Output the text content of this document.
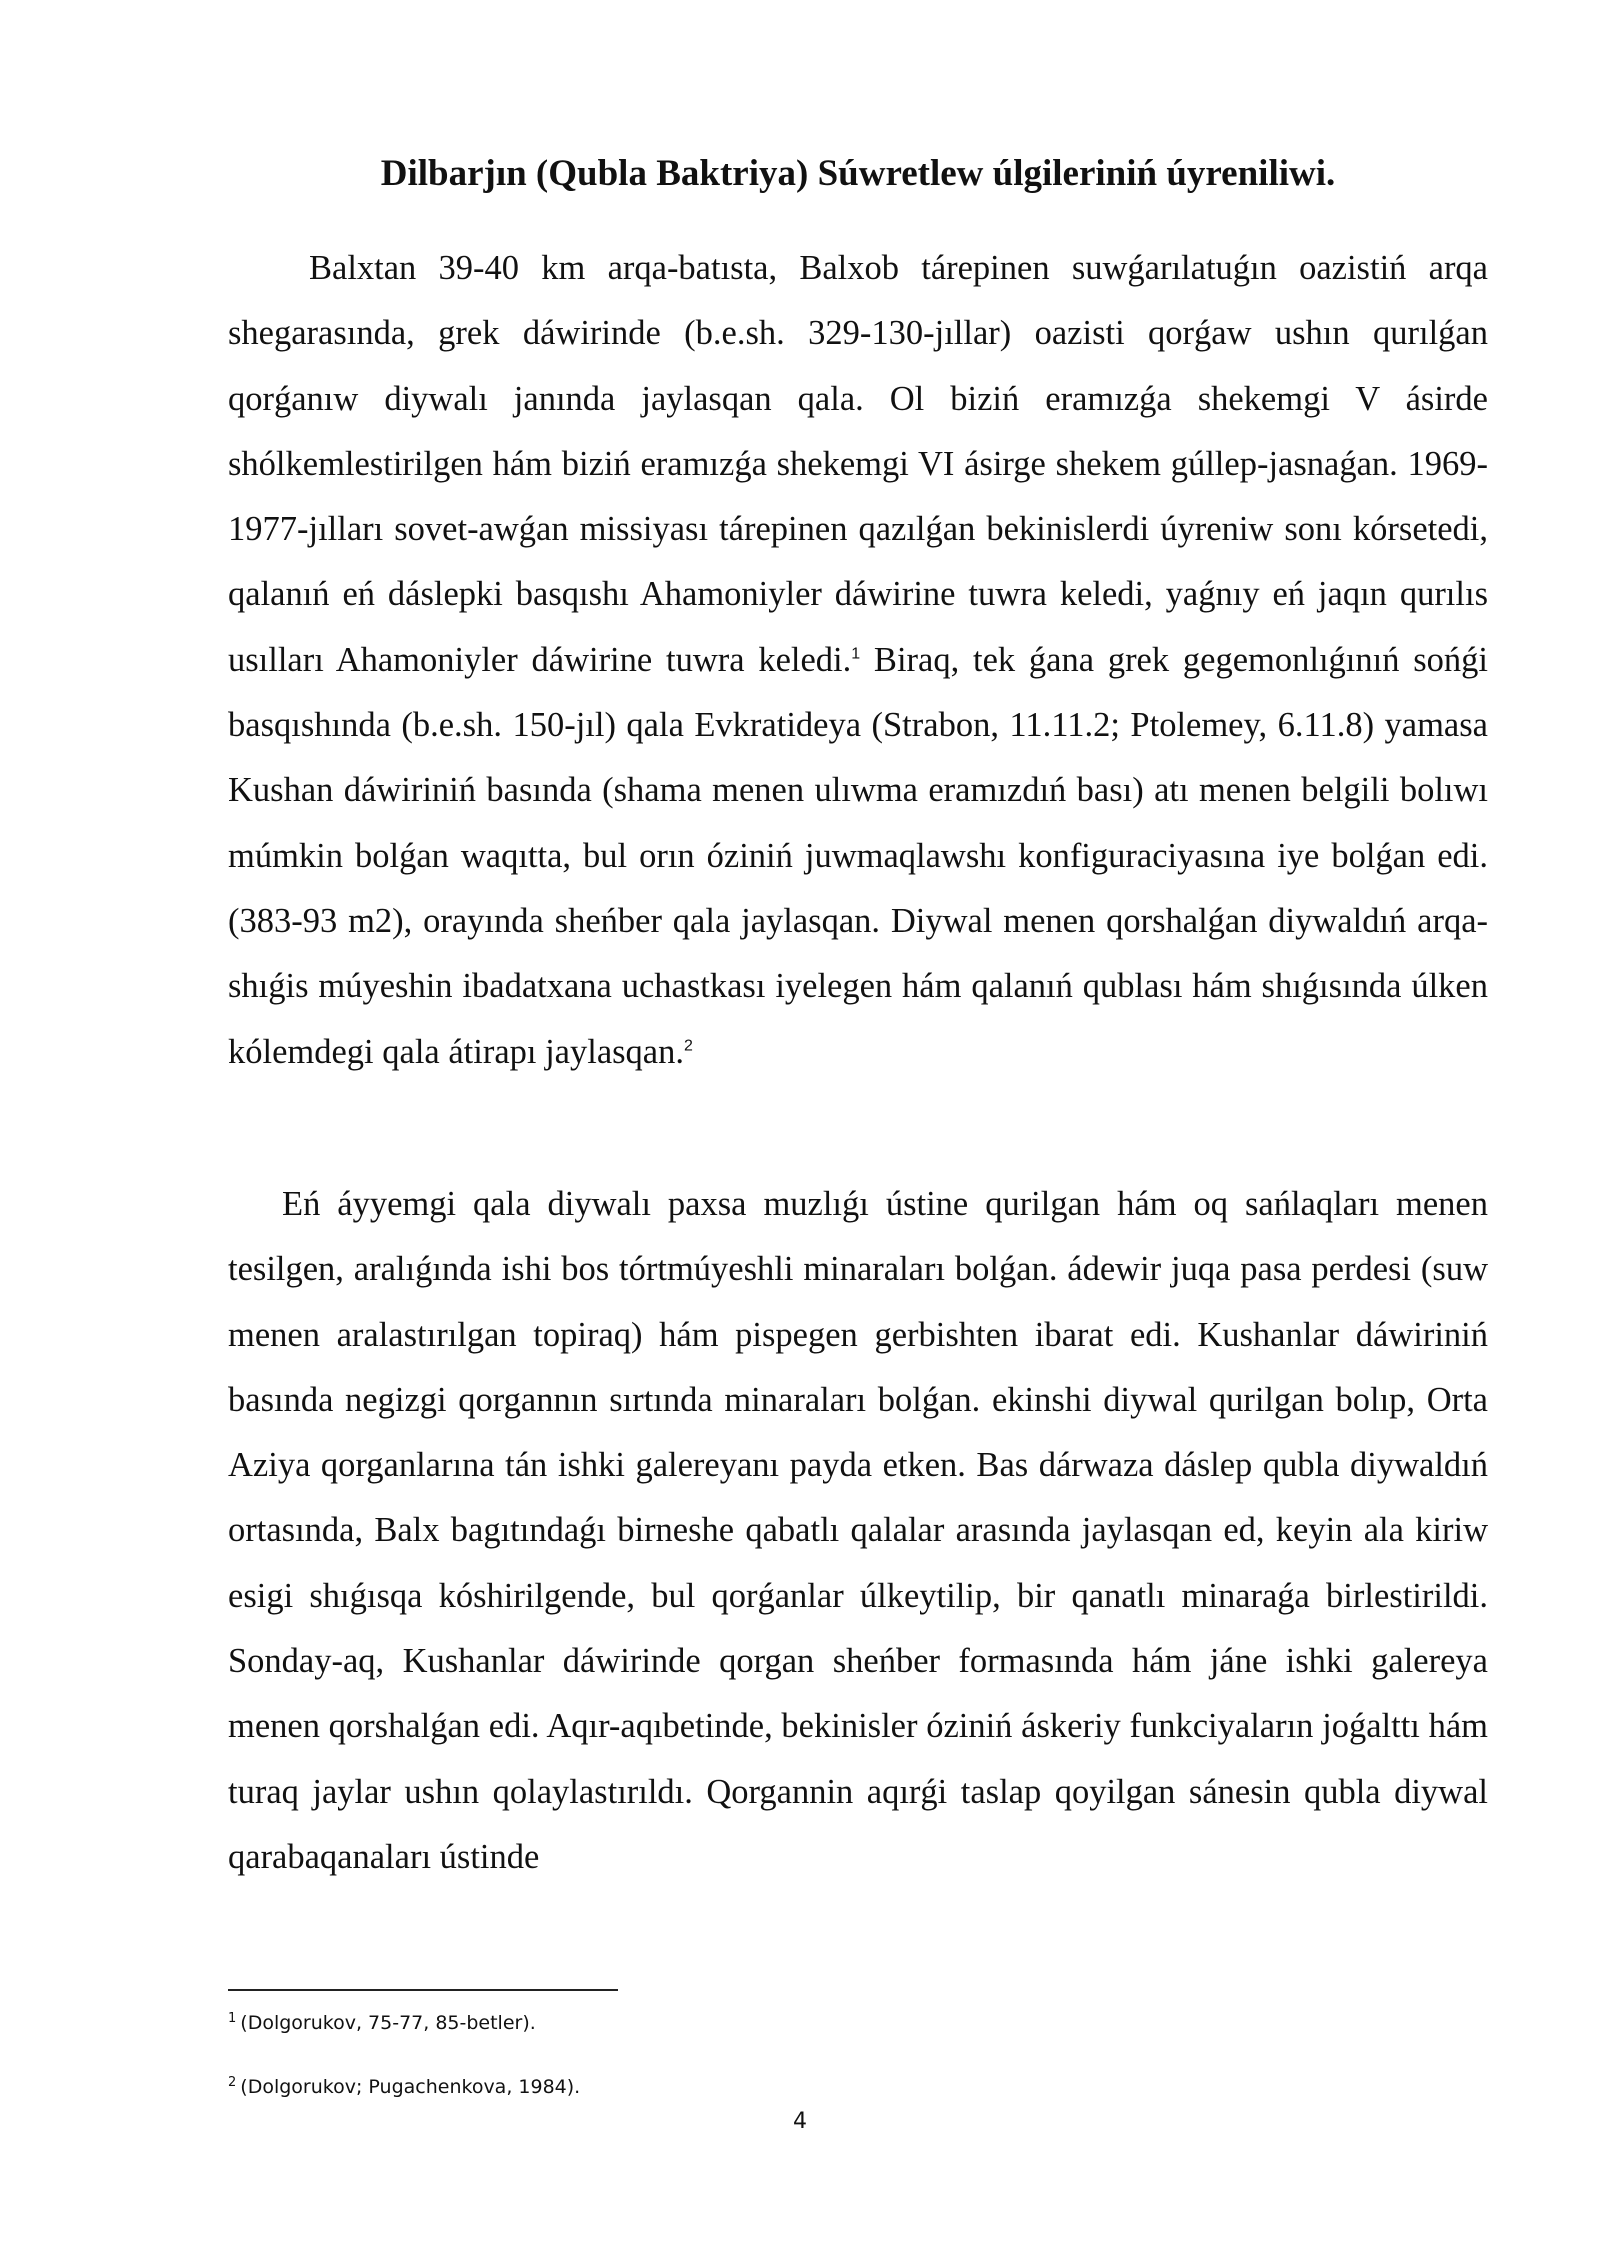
Dilbarjın (Qubla Baktriya) Súwretlew úlgileriniń úyreniliwi.

Balxtan 39-40 km arqa-batısta, Balxob tárepinen suwǵarılatuǵın oazistiń arqa shegarasında, grek dáwirinde (b.e.sh. 329-130-jıllar) oazisti qorǵaw ushın qurılǵan qorǵanıw diywalı janında jaylasqan qala. Ol biziń eramızǵa shekemgi V ásirde shólkemlestirilgen hám biziń eramızǵa shekemgi VI ásirge shekem gúllep-jasnaǵan. 1969-1977-jılları sovet-awǵan missiyası tárepinen qazılǵan bekinislerdi úyreniw sonı kórsetedi, qalanıń eń dáslepki basqıshı Ahamoniyler dáwirine tuwra keledi, yaǵnıy eń jaqın qurılıs usılları Ahamoniyler dáwirine tuwra keledi.$^1$ Biraq, tek ǵana grek gegemonlıǵınıń sońǵi basqıshında (b.e.sh. 150-jıl) qala Evkratideya (Strabon, 11.11.2; Ptolemey, 6.11.8) yamasa Kushan dáwiriniń basında (shama menen ulıwma eramızdıń bası) atı menen belgili bolıwı múmkin bolǵan waqıtta, bul orın óziniń juwmaqlawshı konfiguraciyasına iye bolǵan edi. (383-93 m2), orayında sheńber qala jaylasqan. Diywal menen qorshalǵan diywaldıń arqa-shıǵis múyeshin ibadatxana uchastkası iyelegen hám qalanıń qublası hám shıǵısında úlken kólemdegi qala átirapı jaylasqan.$^2$

Eń áyyemgi qala diywalı paxsa muzlıǵı ústine qurilgan hám oq sańlaqları menen tesilgen, aralıǵında ishi bos tórtmúyeshli minaraları bolǵan. ádewir juqa pasa perdesi (suw menen aralastırılgan topiraq) hám pispegen gerbishten ibarat edi. Kushanlar dáwiriniń basında negizgi qorgannın sırtında minaraları bolǵan. ekinshi diywal qurilgan bolıp, Orta Aziya qorganlarına tán ishki galereyanı payda etken. Bas dárwaza dáslep qubla diywaldıń ortasında, Balx bagıtındaǵı birneshe qabatlı qalalar arasında jaylasqan ed, keyin ala kiriw esigi shıǵısqa kóshirilgende, bul qorǵanlar úlkeytilip, bir qanatlı minaraǵa birlestirildi. Sonday-aq, Kushanlar dáwirinde qorgan sheńber formasında hám jáne ishki galereya menen qorshalǵan edi. Aqır-aqıbetinde, bekinisler óziniń áskeriy funkciyaların joǵalttı hám turaq jaylar ushın qolaylastırıldı. Qorgannin aqırǵi taslap qoyilgan sánesin qubla diywal qarabaqanaları ústinde

$^1$ (Dolgorukov, 75-77, 85-betler).

$^2$ (Dolgorukov; Pugachenkova, 1984).

4
